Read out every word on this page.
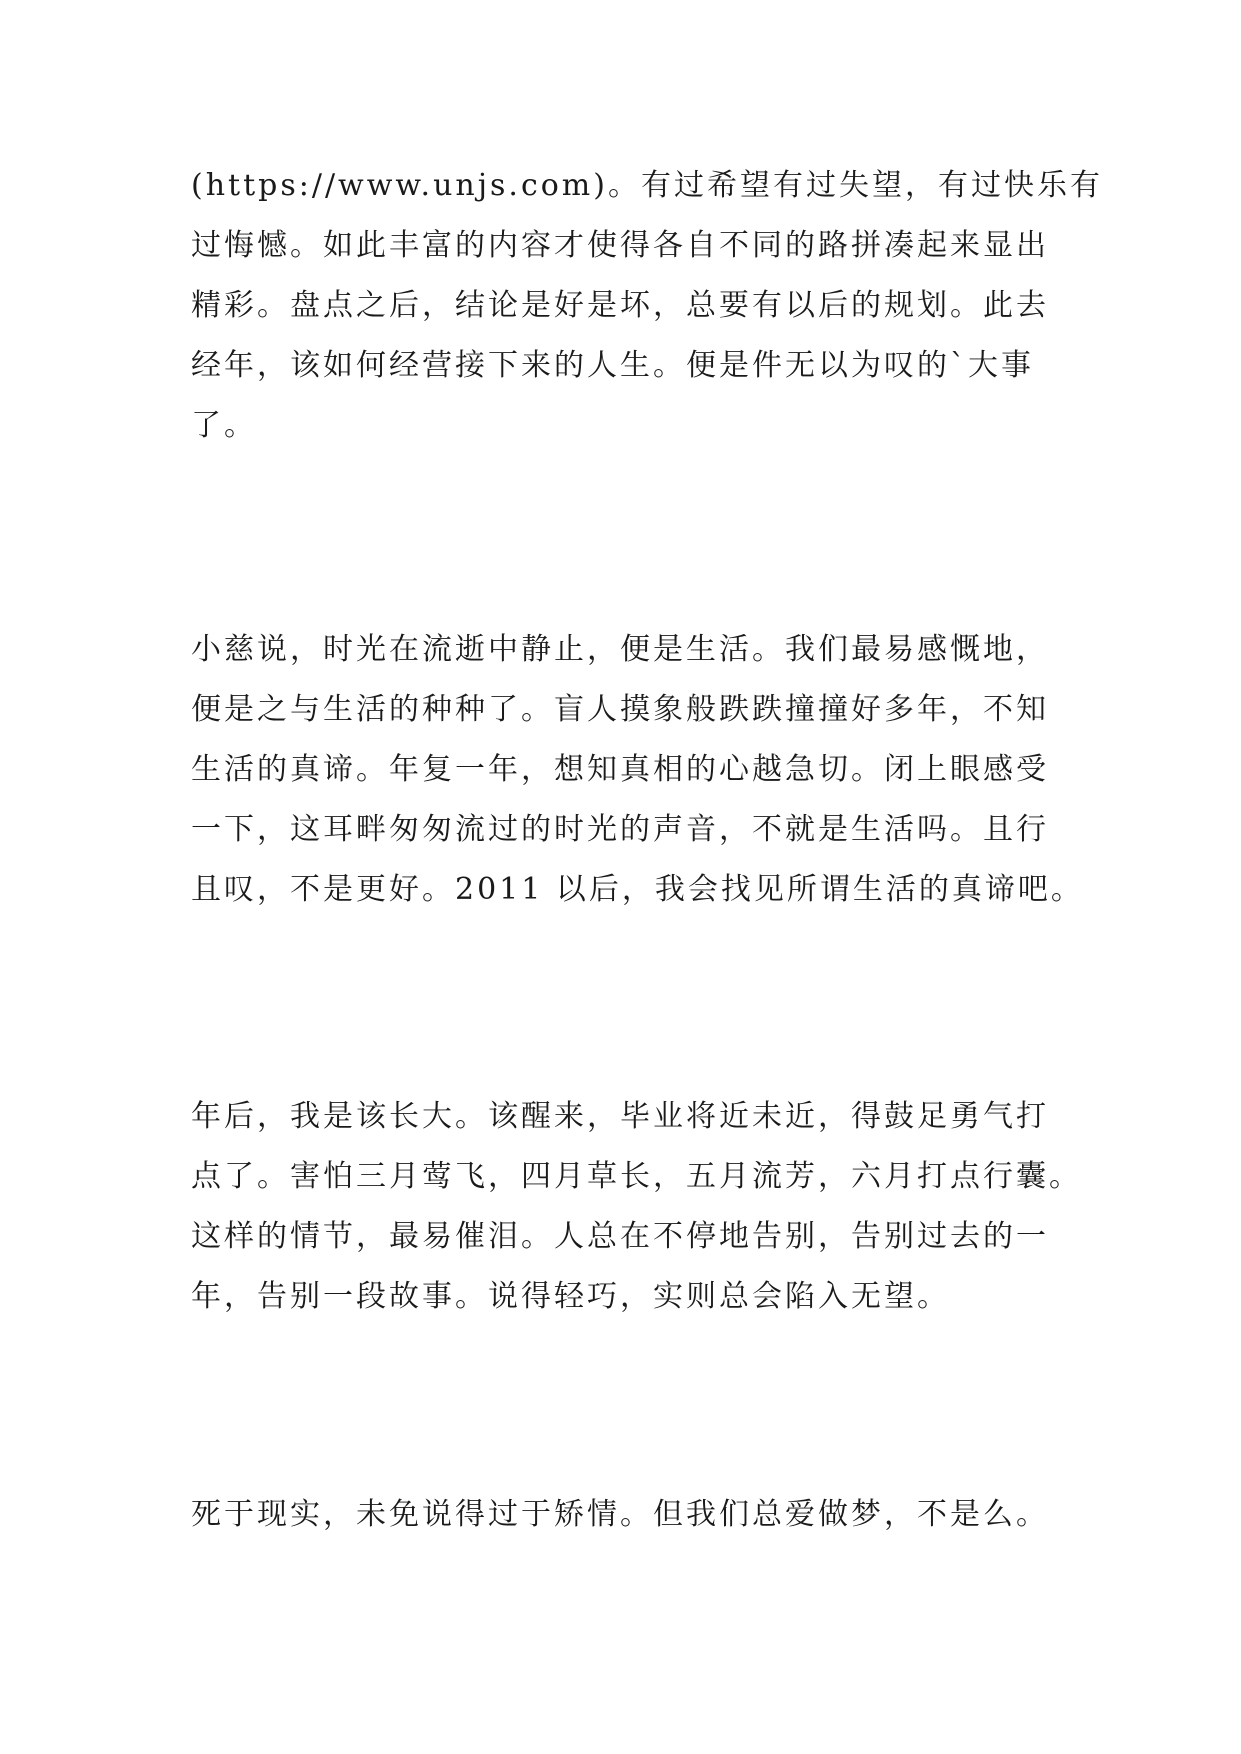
(https://www.unjs.com)。有过希望有过失望，有过快乐有
过悔憾。如此丰富的内容才使得各自不同的路拼凑起来显出
精彩。盘点之后，结论是好是坏，总要有以后的规划。此去
经年，该如何经营接下来的人生。便是件无以为叹的`大事
了。
小慈说，时光在流逝中静止，便是生活。我们最易感慨地，
便是之与生活的种种了。盲人摸象般跌跌撞撞好多年，不知
生活的真谛。年复一年，想知真相的心越急切。闭上眼感受
一下，这耳畔匆匆流过的时光的声音，不就是生活吗。且行
且叹，不是更好。2011 以后，我会找见所谓生活的真谛吧。
年后，我是该长大。该醒来，毕业将近未近，得鼓足勇气打
点了。害怕三月莺飞，四月草长，五月流芳，六月打点行囊。
这样的情节，最易催泪。人总在不停地告别，告别过去的一
年，告别一段故事。说得轻巧，实则总会陷入无望。
死于现实，未免说得过于矫情。但我们总爱做梦，不是么。
